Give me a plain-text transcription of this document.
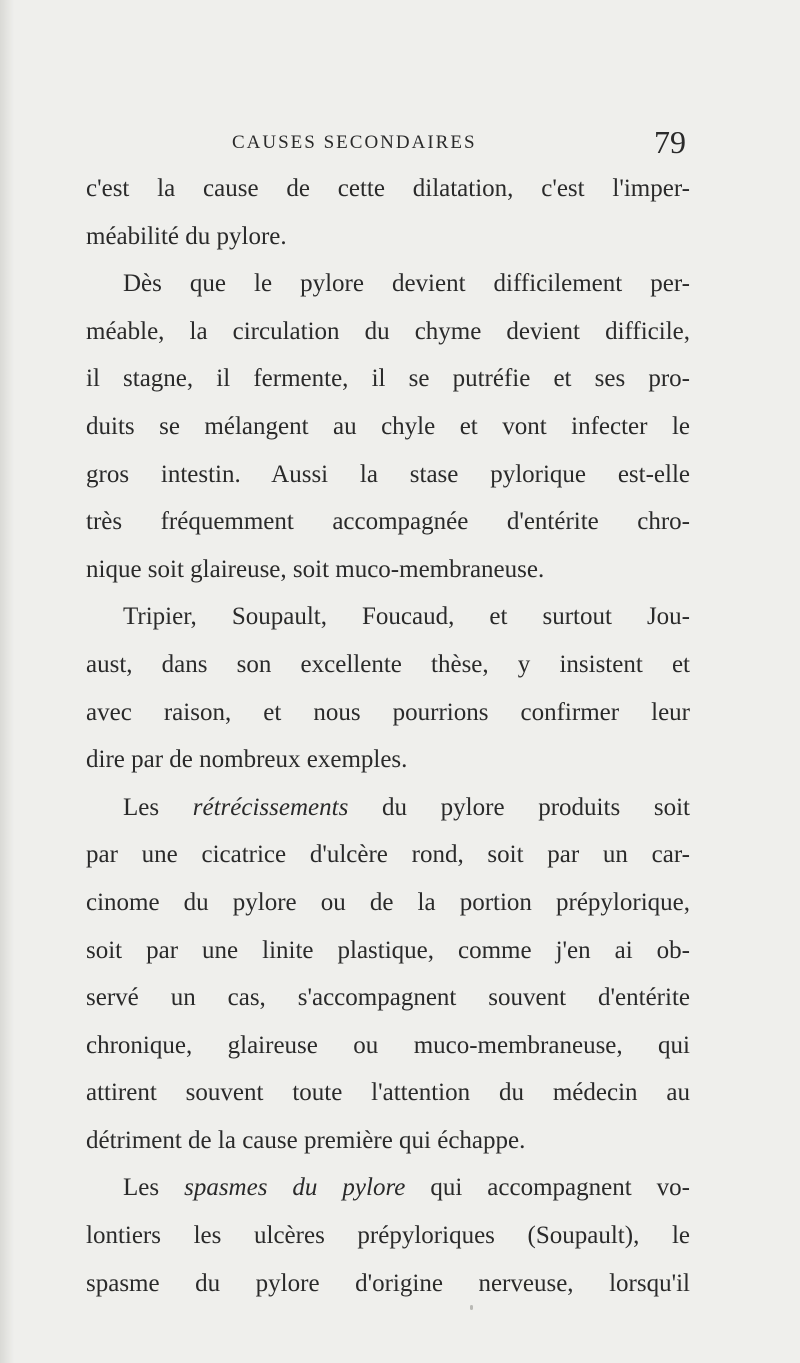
CAUSES SECONDAIRES	79
c'est la cause de cette dilatation, c'est l'imper-
méabilité du pylore.
Dès que le pylore devient difficilement per-
méable, la circulation du chyme devient difficile,
il stagne, il fermente, il se putréfie et ses pro-
duits se mélangent au chyle et vont infecter le
gros intestin. Aussi la stase pylorique est-elle
très fréquemment accompagnée d'entérite chro-
nique soit glaireuse, soit muco-membraneuse.
Tripier, Soupault, Foucaud, et surtout Jou-
aust, dans son excellente thèse, y insistent et
avec raison, et nous pourrions confirmer leur
dire par de nombreux exemples.
Les rétrécissements du pylore produits soit
par une cicatrice d'ulcère rond, soit par un car-
cinome du pylore ou de la portion prépylorique,
soit par une linite plastique, comme j'en ai ob-
servé un cas, s'accompagnent souvent d'entérite
chronique, glaireuse ou muco-membraneuse, qui
attirent souvent toute l'attention du médecin au
détriment de la cause première qui échappe.
Les spasmes du pylore qui accompagnent vo-
lontiers les ulcères prépyloriques (Soupault), le
spasme du pylore d'origine nerveuse, lorsqu'il
